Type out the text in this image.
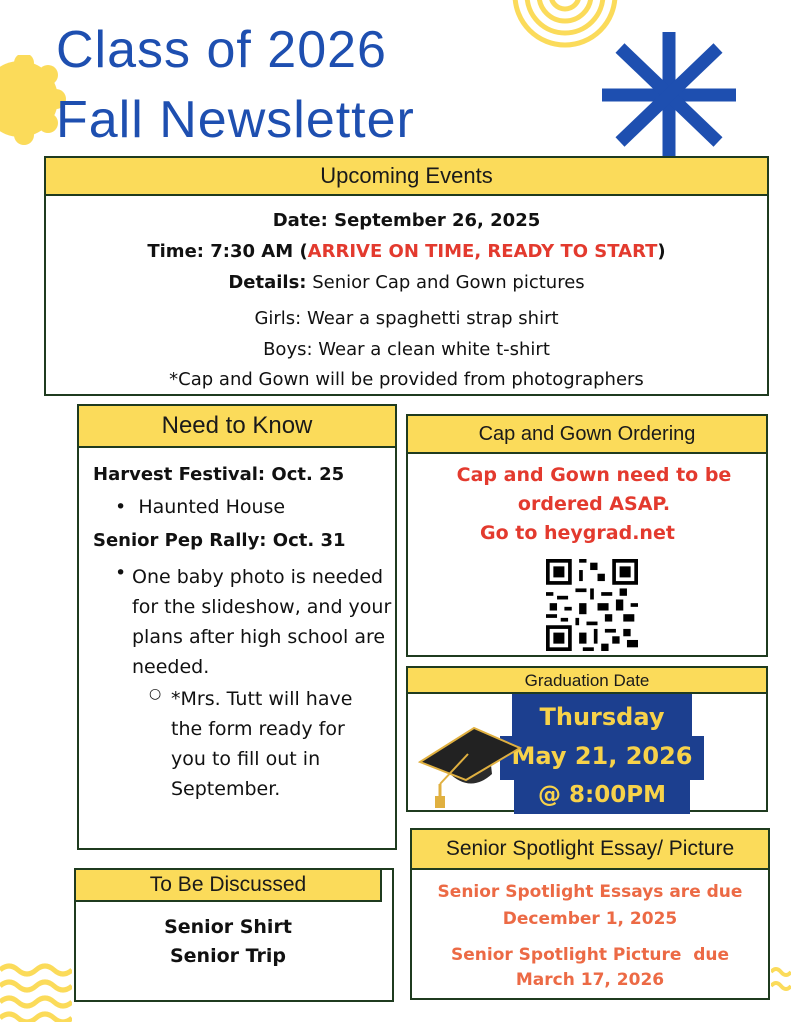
Class of 2026
Fall Newsletter
Upcoming Events
Date: September 26, 2025
Time: 7:30 AM (ARRIVE ON TIME, READY TO START)
Details: Senior Cap and Gown pictures
Girls: Wear a spaghetti strap shirt
Boys: Wear a clean white t-shirt
*Cap and Gown will be provided from photographers
Need to Know
Harvest Festival: Oct. 25
• Haunted House
Senior Pep Rally: Oct. 31
• One baby photo is needed for the slideshow, and your plans after high school are needed.
○ *Mrs. Tutt will have the form ready for you to fill out in September.
Cap and Gown Ordering
Cap and Gown need to be
ordered ASAP.
Go to heygrad.net
Graduation Date
Thursday
May 21, 2026
@ 8:00PM
Senior Spotlight Essay/ Picture
Senior Spotlight Essays are due
December 1, 2025
Senior Spotlight Picture  due
March 17, 2026
To Be Discussed
Senior Shirt
Senior Trip
